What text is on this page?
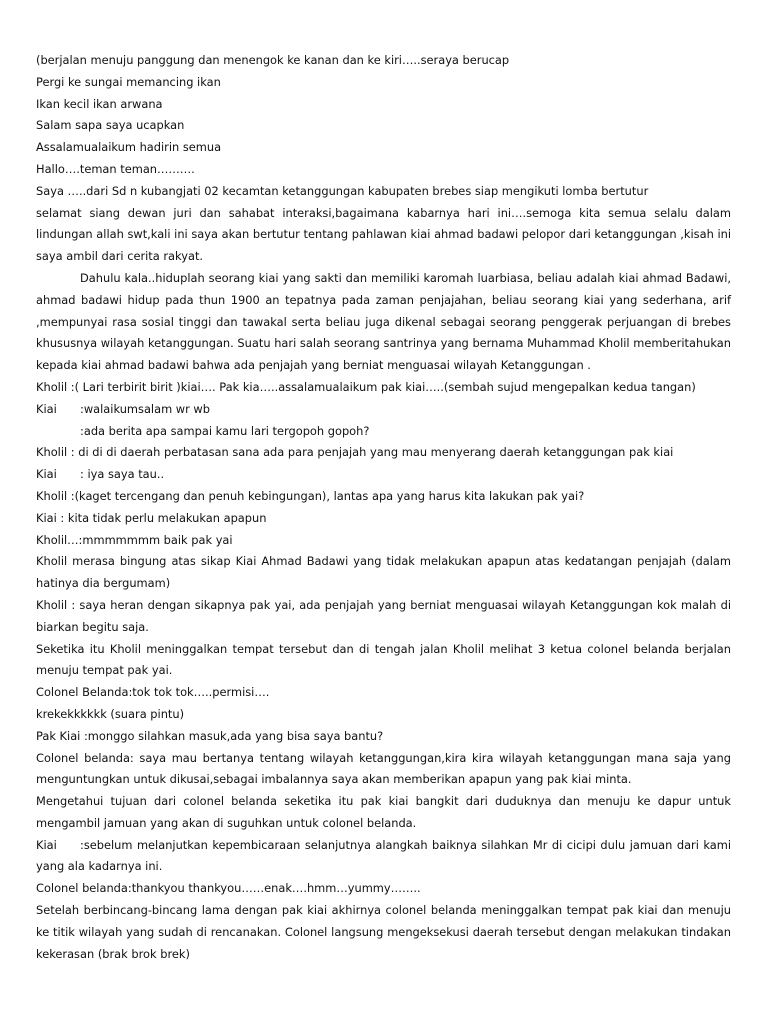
(berjalan menuju panggung dan menengok ke kanan dan ke kiri…..seraya berucap

Pergi ke sungai memancing ikan

Ikan kecil ikan arwana

Salam sapa saya ucapkan

Assalamualaikum hadirin semua

Hallo….teman teman……….

Saya …..dari Sd n kubangjati 02 kecamtan ketanggungan kabupaten brebes siap mengikuti lomba bertutur

selamat siang dewan juri dan sahabat interaksi,bagaimana kabarnya hari ini….semoga kita semua selalu dalam lindungan allah swt,kali ini saya akan bertutur tentang pahlawan kiai ahmad badawi pelopor dari ketanggungan ,kisah ini saya ambil dari cerita rakyat.

Dahulu kala..hiduplah seorang kiai yang sakti dan memiliki karomah luarbiasa, beliau adalah kiai ahmad Badawi, ahmad badawi hidup pada thun 1900 an tepatnya pada zaman penjajahan, beliau seorang kiai yang sederhana, arif ,mempunyai rasa sosial tinggi dan tawakal serta beliau juga dikenal sebagai seorang penggerak perjuangan di brebes khususnya wilayah ketanggungan. Suatu hari salah seorang santrinya yang bernama Muhammad Kholil memberitahukan kepada kiai ahmad badawi bahwa ada penjajah yang berniat menguasai wilayah Ketanggungan .

Kholil :( Lari terbirit birit )kiai…. Pak kia…..assalamualaikum pak kiai…..(sembah sujud mengepalkan kedua tangan)

Kiai :walaikumsalam wr wb

:ada berita apa sampai kamu lari tergopoh gopoh?

Kholil : di di di daerah perbatasan sana ada para penjajah yang mau menyerang daerah ketanggungan pak kiai

Kiai : iya saya tau..

Kholil :(kaget tercengang dan penuh kebingungan), lantas apa yang harus kita lakukan pak yai?

Kiai : kita tidak perlu melakukan apapun

Kholil…:mmmmmmm baik pak yai

Kholil merasa bingung atas sikap Kiai Ahmad Badawi yang tidak melakukan apapun atas kedatangan penjajah (dalam hatinya dia bergumam)

Kholil : saya heran dengan sikapnya pak yai, ada penjajah yang berniat menguasai wilayah Ketanggungan kok malah di biarkan begitu saja.

Seketika itu Kholil meninggalkan tempat tersebut dan di tengah jalan Kholil melihat 3 ketua colonel belanda berjalan menuju tempat pak yai.

Colonel Belanda:tok tok tok…..permisi….

krekekkkkkk (suara pintu)

Pak Kiai :monggo silahkan masuk,ada yang bisa saya bantu?

Colonel belanda: saya mau bertanya tentang wilayah ketanggungan,kira kira wilayah ketanggungan mana saja yang menguntungkan untuk dikusai,sebagai imbalannya saya akan memberikan apapun yang pak kiai minta.

Mengetahui tujuan dari colonel belanda seketika itu pak kiai bangkit dari duduknya dan menuju ke dapur untuk mengambil jamuan yang akan di suguhkan untuk colonel belanda.

Kiai :sebelum melanjutkan kepembicaraan selanjutnya alangkah baiknya silahkan Mr di cicipi dulu jamuan dari kami yang ala kadarnya ini.

Colonel belanda:thankyou thankyou……enak….hmm…yummy……..

Setelah berbincang-bincang lama dengan pak kiai akhirnya colonel belanda meninggalkan tempat pak kiai dan menuju ke titik wilayah yang sudah di rencanakan. Colonel langsung mengeksekusi daerah tersebut dengan melakukan tindakan kekerasan (brak brok brek)
